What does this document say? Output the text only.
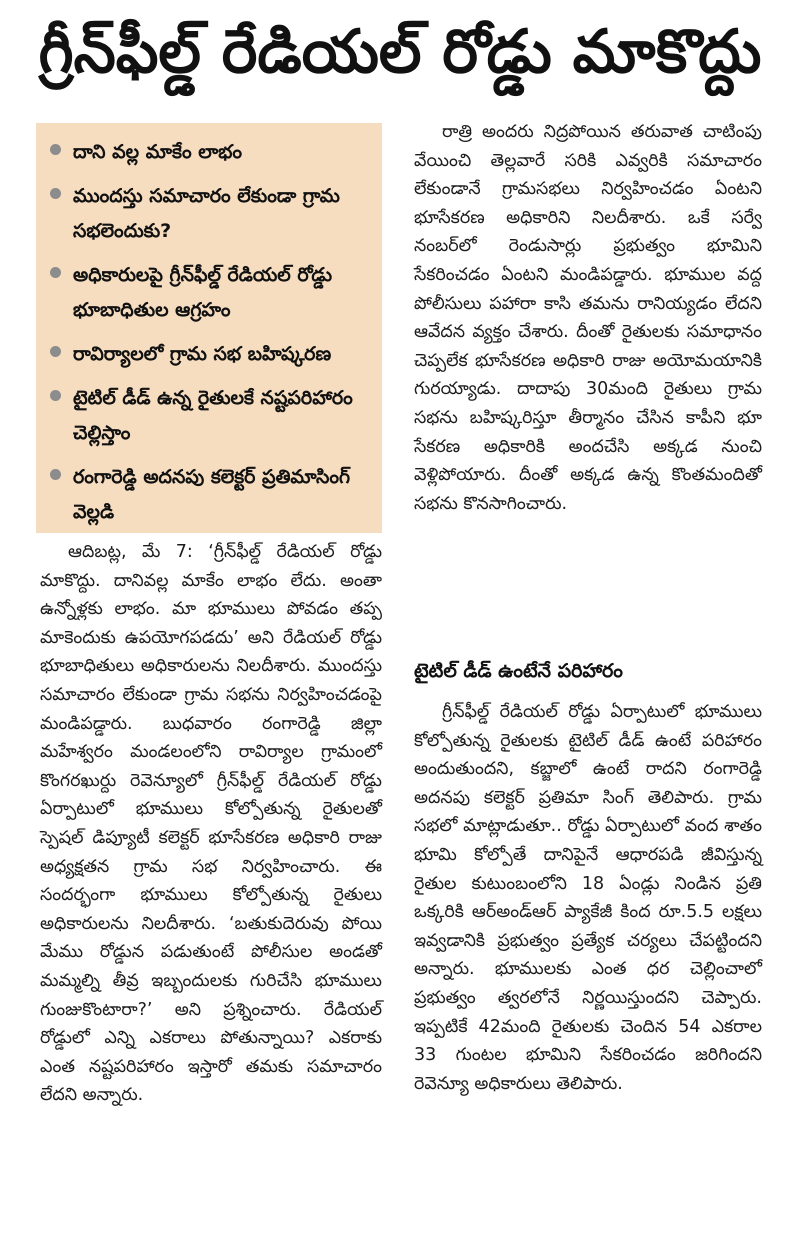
గ్రీన్‌ఫీల్డ్ రేడియల్ రోడ్డు మాకొద్దు
దాని వల్ల మాకేం లాభం
ముందస్తు సమాచారం లేకుండా గ్రామ సభలెందుకు?
అధికారులపై గ్రీన్‌ఫీల్డ్ రేడియల్ రోడ్డు భూబాధితుల ఆగ్రహం
రావిర్యాలలో గ్రామ సభ బహిష్కరణ
టైటిల్ డీడ్ ఉన్న రైతులకే నష్టపరిహారం చెల్లిస్తాం
రంగారెడ్డి అదనపు కలెక్టర్ ప్రతిమాసింగ్ వెల్లడి

ఆదిబట్ల, మే 7: ‘గ్రీన్‌ఫీల్డ్ రేడియల్ రోడ్డు మాకొద్దు. దానివల్ల మాకేం లాభం లేదు. అంతా ఉన్నోళ్లకు లాభం. మా భూములు పోవడం తప్ప మాకెందుకు ఉపయోగపడదు’ అని రేడియల్ రోడ్డు భూబాధితులు అధికారులను నిలదీశారు. ముందస్తు సమాచారం లేకుండా గ్రామ సభను నిర్వహించడంపై మండిపడ్డారు. బుధవారం రంగారెడ్డి జిల్లా మహేశ్వరం మండలంలోని రావిర్యాల గ్రామంలో కొంగరఖుర్దు రెవెన్యూలో గ్రీన్‌ఫీల్డ్ రేడియల్ రోడ్డు ఏర్పాటులో భూములు కోల్పోతున్న రైతులతో స్పెషల్ డిప్యూటీ కలెక్టర్ భూసేకరణ అధికారి రాజు అధ్యక్షతన గ్రామ సభ నిర్వహించారు. ఈ సందర్భంగా భూములు కోల్పోతున్న రైతులు అధికారులను నిలదీశారు. ‘బతుకుదెరువు పోయి మేము రోడ్డున పడుతుంటే పోలీసుల అండతో మమ్మల్ని తీవ్ర ఇబ్బందులకు గురిచేసి భూములు గుంజుకొంటారా?’ అని ప్రశ్నించారు. రేడియల్ రోడ్డులో ఎన్ని ఎకరాలు పోతున్నాయి? ఎకరాకు ఎంత నష్టపరిహారం ఇస్తారో తమకు సమాచారం లేదని అన్నారు.

రాత్రి అందరు నిద్రపోయిన తరువాత చాటింపు వేయించి తెల్లవారే సరికి ఎవ్వరికి సమాచారం లేకుండానే గ్రామసభలు నిర్వహించడం ఏంటని భూసేకరణ అధికారిని నిలదీశారు. ఒకే సర్వే నంబర్‌లో రెండుసార్లు ప్రభుత్వం భూమిని సేకరించడం ఏంటని మండిపడ్డారు. భూముల వద్ద పోలీసులు పహారా కాసి తమను రానియ్యడం లేదని ఆవేదన వ్యక్తం చేశారు. దీంతో రైతులకు సమాధానం చెప్పలేక భూసేకరణ అధికారి రాజు అయోమయానికి గురయ్యాడు. దాదాపు 30మంది రైతులు గ్రామ సభను బహిష్కరిస్తూ తీర్మానం చేసిన కాపీని భూ సేకరణ అధికారికి అందచేసి అక్కడ నుంచి వెళ్లిపోయారు. దీంతో అక్కడ ఉన్న కొంతమందితో సభను కొనసాగించారు.

టైటిల్ డీడ్ ఉంటేనే పరిహారం

గ్రీన్‌ఫీల్డ్ రేడియల్ రోడ్డు ఏర్పాటులో భూములు కోల్పోతున్న రైతులకు టైటిల్ డీడ్ ఉంటే పరిహారం అందుతుందని, కబ్జాలో ఉంటే రాదని రంగారెడ్డి అదనపు కలెక్టర్ ప్రతిమా సింగ్ తెలిపారు. గ్రామ సభలో మాట్లాడుతూ.. రోడ్డు ఏర్పాటులో వంద శాతం భూమి కోల్పోతే దానిపైనే ఆధారపడి జీవిస్తున్న రైతుల కుటుంబంలోని 18 ఏండ్లు నిండిన ప్రతి ఒక్కరికి ఆర్‌అండ్‌ఆర్ ప్యాకేజీ కింద రూ.5.5 లక్షలు ఇవ్వడానికి ప్రభుత్వం ప్రత్యేక చర్యలు చేపట్టిందని అన్నారు. భూములకు ఎంత ధర చెల్లించాలో ప్రభుత్వం త్వరలోనే నిర్ణయిస్తుందని చెప్పారు. ఇప్పటికే 42మంది రైతులకు చెందిన 54 ఎకరాల 33 గుంటల భూమిని సేకరించడం జరిగిందని రెవెన్యూ అధికారులు తెలిపారు.
